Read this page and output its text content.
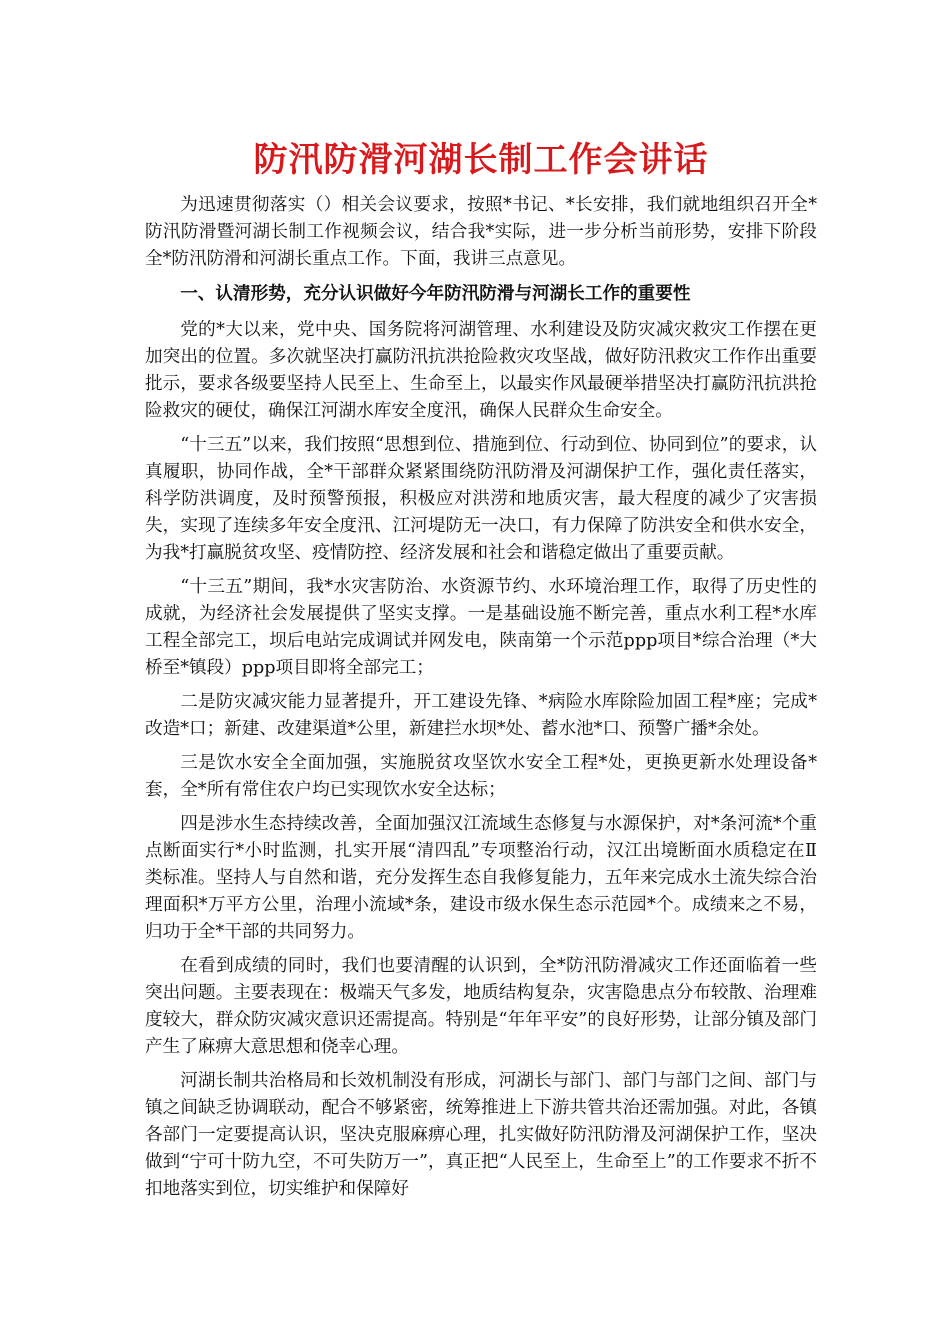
防汛防滑河湖长制工作会讲话

为迅速贯彻落实（）相关会议要求，按照*书记、*长安排，我们就地组织召开全*防汛防滑暨河湖长制工作视频会议，结合我*实际，进一步分析当前形势，安排下阶段全*防汛防滑和河湖长重点工作。下面，我讲三点意见。

一、认清形势，充分认识做好今年防汛防滑与河湖长工作的重要性

党的*大以来，党中央、国务院将河湖管理、水利建设及防灾减灾救灾工作摆在更加突出的位置。多次就坚决打赢防汛抗洪抢险救灾攻坚战，做好防汛救灾工作作出重要批示，要求各级要坚持人民至上、生命至上，以最实作风最硬举措坚决打赢防汛抗洪抢险救灾的硬仗，确保江河湖水库安全度汛，确保人民群众生命安全。

“十三五”以来，我们按照“思想到位、措施到位、行动到位、协同到位”的要求，认真履职，协同作战，全*干部群众紧紧围绕防汛防滑及河湖保护工作，强化责任落实，科学防洪调度，及时预警预报，积极应对洪涝和地质灾害，最大程度的减少了灾害损失，实现了连续多年安全度汛、江河堤防无一决口，有力保障了防洪安全和供水安全，为我*打赢脱贫攻坚、疫情防控、经济发展和社会和谐稳定做出了重要贡献。

“十三五”期间，我*水灾害防治、水资源节约、水环境治理工作，取得了历史性的成就，为经济社会发展提供了坚实支撑。一是基础设施不断完善，重点水利工程*水库工程全部完工，坝后电站完成调试并网发电，陕南第一个示范ppp项目*综合治理（*大桥至*镇段）ppp项目即将全部完工；

二是防灾减灾能力显著提升，开工建设先锋、*病险水库除险加固工程*座；完成*改造*口；新建、改建渠道*公里，新建拦水坝*处、蓄水池*口、预警广播*余处。

三是饮水安全全面加强，实施脱贫攻坚饮水安全工程*处，更换更新水处理设备*套，全*所有常住农户均已实现饮水安全达标；

四是涉水生态持续改善，全面加强汉江流域生态修复与水源保护，对*条河流*个重点断面实行*小时监测，扎实开展“清四乱”专项整治行动，汉江出境断面水质稳定在Ⅱ类标准。坚持人与自然和谐，充分发挥生态自我修复能力，五年来完成水土流失综合治理面积*万平方公里，治理小流域*条，建设市级水保生态示范园*个。成绩来之不易，归功于全*干部的共同努力。

在看到成绩的同时，我们也要清醒的认识到，全*防汛防滑减灾工作还面临着一些突出问题。主要表现在：极端天气多发，地质结构复杂，灾害隐患点分布较散、治理难度较大，群众防灾减灾意识还需提高。特别是“年年平安”的良好形势，让部分镇及部门产生了麻痹大意思想和侥幸心理。

河湖长制共治格局和长效机制没有形成，河湖长与部门、部门与部门之间、部门与镇之间缺乏协调联动，配合不够紧密，统筹推进上下游共管共治还需加强。对此，各镇各部门一定要提高认识，坚决克服麻痹心理，扎实做好防汛防滑及河湖保护工作，坚决做到“宁可十防九空，不可失防万一”，真正把“人民至上，生命至上”的工作要求不折不扣地落实到位，切实维护和保障好
